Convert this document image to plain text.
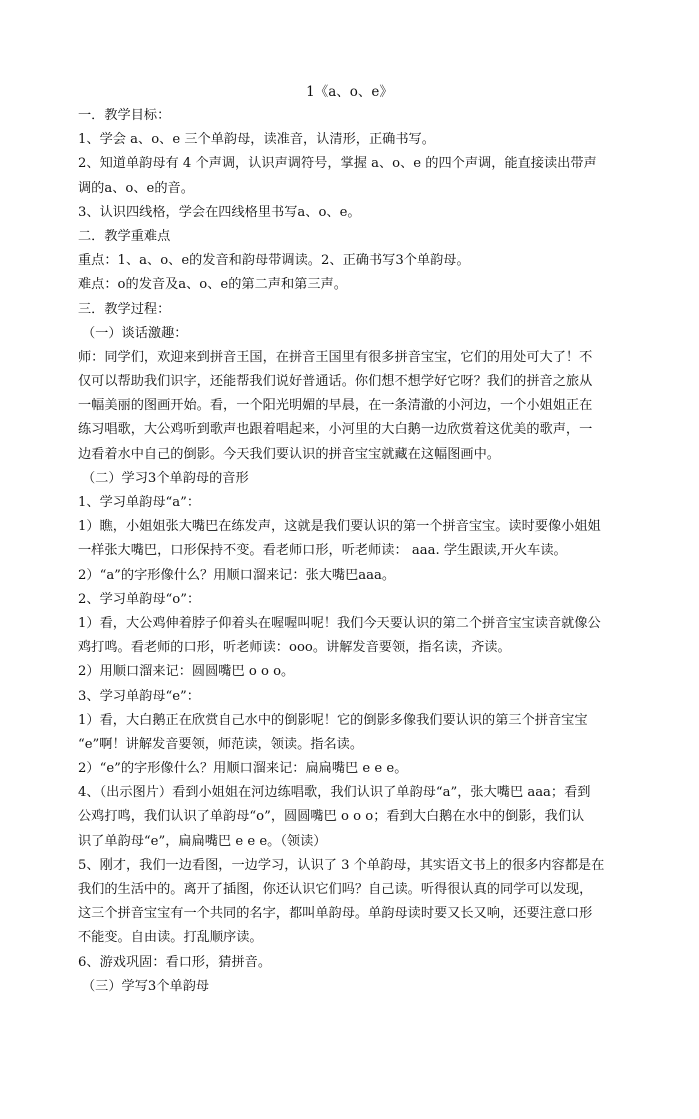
1《a、o、e》
一．教学目标：
1、学会 a、o、e 三个单韵母，读准音，认清形，正确书写。
2、知道单韵母有 4 个声调，认识声调符号，掌握 a、o、e 的四个声调，能直接读出带声
调的a、o、e的音。
3、认识四线格，学会在四线格里书写a、o、e。
二．教学重难点
重点：1、a、o、e的发音和韵母带调读。2、正确书写3个单韵母。
难点：o的发音及a、o、e的第二声和第三声。
三．教学过程：
（一）谈话激趣：
师：同学们，欢迎来到拼音王国，在拼音王国里有很多拼音宝宝，它们的用处可大了！不
仅可以帮助我们识字，还能帮我们说好普通话。你们想不想学好它呀？我们的拼音之旅从
一幅美丽的图画开始。看，一个阳光明媚的早晨，在一条清澈的小河边，一个小姐姐正在
练习唱歌，大公鸡听到歌声也跟着唱起来，小河里的大白鹅一边欣赏着这优美的歌声，一
边看着水中自己的倒影。今天我们要认识的拼音宝宝就藏在这幅图画中。
（二）学习3个单韵母的音形
1、学习单韵母“a”：
1）瞧，小姐姐张大嘴巴在练发声，这就是我们要认识的第一个拼音宝宝。读时要像小姐姐
一样张大嘴巴，口形保持不变。看老师口形，听老师读： aaa. 学生跟读,开火车读。
2）“a”的字形像什么？用顺口溜来记：张大嘴巴aaa。
2、学习单韵母“o”：
1）看，大公鸡伸着脖子仰着头在喔喔叫呢！我们今天要认识的第二个拼音宝宝读音就像公
鸡打鸣。看老师的口形，听老师读：ooo。讲解发音要领，指名读，齐读。
2）用顺口溜来记：圆圆嘴巴 o o o。
3、学习单韵母“e”：
1）看，大白鹅正在欣赏自己水中的倒影呢！它的倒影多像我们要认识的第三个拼音宝宝
“e”啊！讲解发音要领，师范读，领读。指名读。
2）“e”的字形像什么？用顺口溜来记：扁扁嘴巴 e e e。
4、（出示图片）看到小姐姐在河边练唱歌，我们认识了单韵母“a”，张大嘴巴 aaa；看到
公鸡打鸣，我们认识了单韵母“o”，圆圆嘴巴 o o o；看到大白鹅在水中的倒影，我们认
识了单韵母“e”，扁扁嘴巴 e e e。（领读）
5、刚才，我们一边看图，一边学习，认识了 3 个单韵母，其实语文书上的很多内容都是在
我们的生活中的。离开了插图，你还认识它们吗？自己读。听得很认真的同学可以发现，
这三个拼音宝宝有一个共同的名字，都叫单韵母。单韵母读时要又长又响，还要注意口形
不能变。自由读。打乱顺序读。
6、游戏巩固：看口形，猜拼音。
（三）学写3个单韵母
